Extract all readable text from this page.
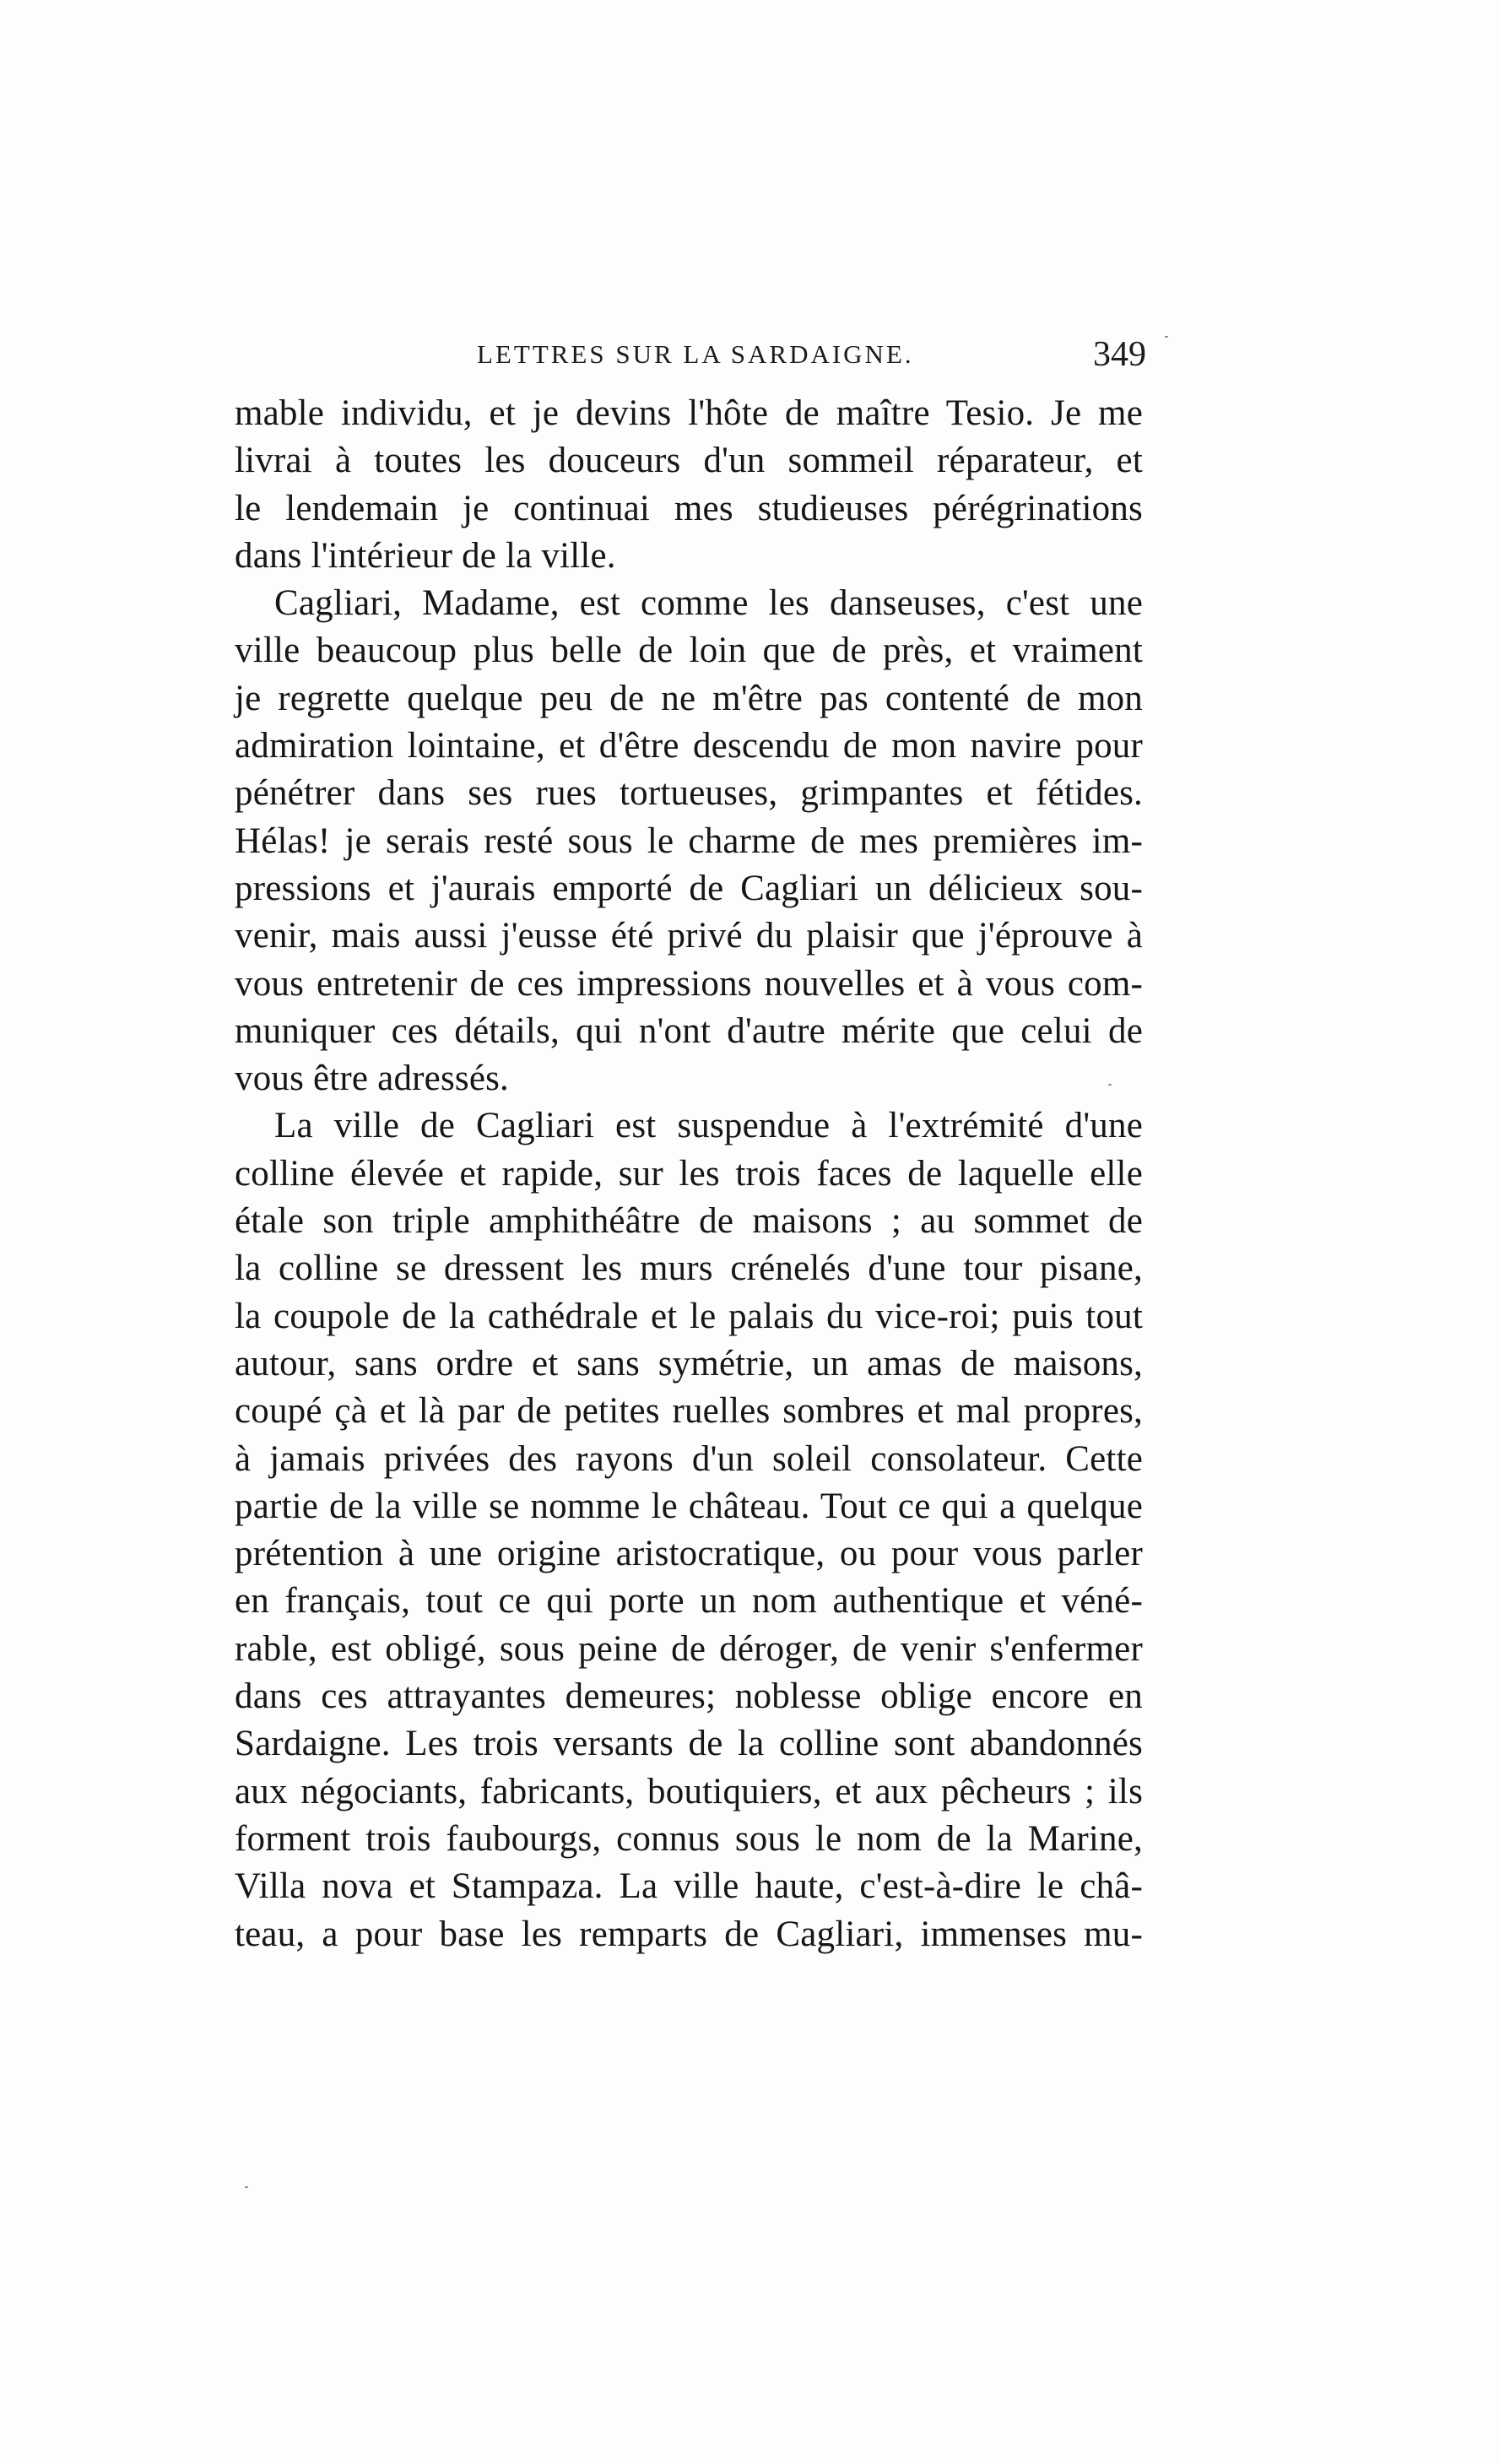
LETTRES SUR LA SARDAIGNE.	349
mable individu, et je devins l'hôte de maître Tesio. Je me
livrai à toutes les douceurs d'un sommeil réparateur, et
le lendemain je continuai mes studieuses pérégrinations
dans l'intérieur de la ville.
Cagliari, Madame, est comme les danseuses, c'est une
ville beaucoup plus belle de loin que de près, et vraiment
je regrette quelque peu de ne m'être pas contenté de mon
admiration lointaine, et d'être descendu de mon navire pour
pénétrer dans ses rues tortueuses, grimpantes et fétides.
Hélas! je serais resté sous le charme de mes premières im-
pressions et j'aurais emporté de Cagliari un délicieux sou-
venir, mais aussi j'eusse été privé du plaisir que j'éprouve à
vous entretenir de ces impressions nouvelles et à vous com-
muniquer ces détails, qui n'ont d'autre mérite que celui de
vous être adressés.
La ville de Cagliari est suspendue à l'extrémité d'une
colline élevée et rapide, sur les trois faces de laquelle elle
étale son triple amphithéâtre de maisons ; au sommet de
la colline se dressent les murs crénelés d'une tour pisane,
la coupole de la cathédrale et le palais du vice-roi; puis tout
autour, sans ordre et sans symétrie, un amas de maisons,
coupé çà et là par de petites ruelles sombres et mal propres,
à jamais privées des rayons d'un soleil consolateur. Cette
partie de la ville se nomme le château. Tout ce qui a quelque
prétention à une origine aristocratique, ou pour vous parler
en français, tout ce qui porte un nom authentique et véné-
rable, est obligé, sous peine de déroger, de venir s'enfermer
dans ces attrayantes demeures; noblesse oblige encore en
Sardaigne. Les trois versants de la colline sont abandonnés
aux négociants, fabricants, boutiquiers, et aux pêcheurs ; ils
forment trois faubourgs, connus sous le nom de la Marine,
Villa nova et Stampaza. La ville haute, c'est-à-dire le châ-
teau, a pour base les remparts de Cagliari, immenses mu-
